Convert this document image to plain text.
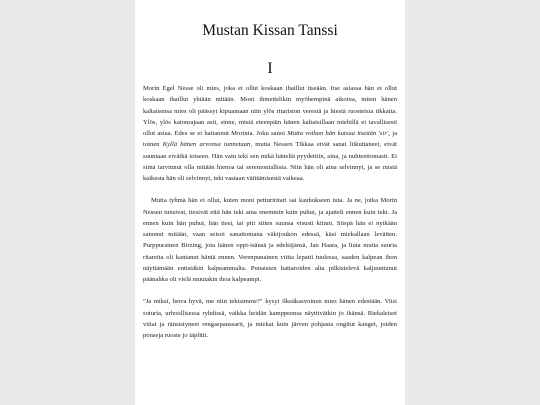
Mustan Kissan Tanssi
I

Morin Egel Nesse oli mies, joka ei ollut koskaan ihaillut itseään. Itse asiassa hän ei ollut koskaan ihaillut yhtään mitään. Moni ihmettelikin myöhempinä aikoina, miten hänen kaltaisensa mies oli päässyt kipuamaan niin ylös ritariston verestä ja hiestä ruosteisia tikkaita. Ylös, ylös katonrajaan asti, sinne, mistä eteenpäin hänen kaltaisillaan miehillä ei tavallisesti ollut asiaa. Edes se ei haitannut Morinia. Joku sanoi Mutta voihan hän kutsua itseään 'sir', ja toinen Kyllä hänen arvonsa tunnetaan, mutta Nessen Tikkaa eivät sanat liikuttaneet, eivät suuntaan eivätkä toiseen. Hän vain teki sen mikä häneltä pyydettiin, aina, ja nuhteettomasti. Ei siinä tarvinnut olla mitään hienoa tai seremoniallista. Niin hän oli aina selvinnyt, ja se mistä kaikesta hän oli selvinnyt, teki vastaan väittämisestä vaikeaa.

Mutta tyhmä hän ei ollut, kuten moni petturiritari sai kauhukseen tuta. Ja ne, jotka Morin Nessen tunsivat, tiesivät että hän teki aina enemmin kuin puhui, ja ajatteli ennen kuin teki. Ja ennen kuin hän puhui, hän tiesi, tai piti sitten suunsa visusti kiinni. Siispä hän ei nytkään sanonut mitään, vaan seisoi sanattomana väkijoukon edessä, käsi miekallaan levätten. Purppurainen Birzing, jota hänen oppi-isänsä ja edeltäjänsä, Jan Haara, ja liuta muita suuria ritareita oli kantanut häntä ennen. Verenpunainen viitta lepatti tuulessa, saaden kalpean ihon näyttämään entistäkin kalpeammalta. Punaisten hattaroiden alta pilkistelevä kaljuuntunut päänahka oli vielä muutakin ihoa kalpeampi.

"Ja miksi, herra hyvä, me niin tekisimme?" kysyi ilkeäkasvoinen mies hänen edestään. Viisi soturia, urhoollisessa ryhdissä, vaikka heidän kamppeensa näyttivätkin jo ikänsä. Riekaleiset viitat ja ränsistyneet rengaspanssarit, ja miekat kuin järven pohjasta ongitut kanget, joiden ponseja ruoste jo täplitti.
